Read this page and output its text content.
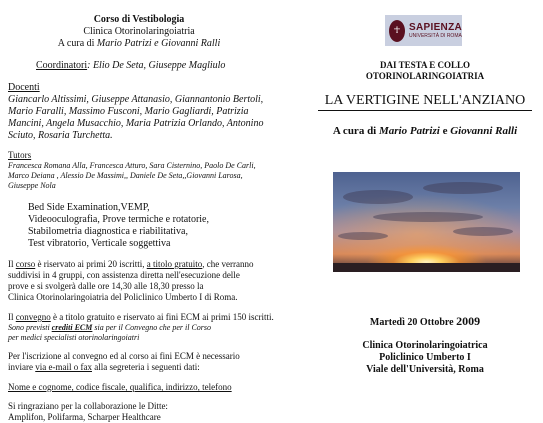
Corso di Vestibologia
Clinica Otorinolaringoiatria
A cura di Mario Patrizi e Giovanni Ralli
Coordinatori: Elio De Seta, Giuseppe Magliulo
Docenti
Giancarlo Altissimi, Giuseppe Attanasio, Giannantonio Bertoli,
Mario Faralli, Massimo Fusconi, Mario Gagliardi, Patrizia
Mancini, Angela Musacchio, Maria Patrizia Orlando, Antonino
Sciuto, Rosaria Turchetta.
Tutors
Francesca Romana Alla, Francesca Atturo, Sara Cisternino, Paolo De Carli,
Marco Deiana , Alessio De Massimi,, Daniele De Seta,,Giovanni Larosa,
Giuseppe Nola
Bed Side Examination,VEMP,
Videooculografia, Prove termiche e rotatorie,
Stabilometria diagnostica e riabilitativa,
Test vibratorio, Verticale soggettiva
Il corso è riservato ai primi 20 iscritti, a titolo gratuito, che verranno
suddivisi in 4 gruppi, con assistenza diretta nell'esecuzione delle
prove e si svolgerà dalle ore 14,30 alle 18,30 presso la
Clinica Otorinolaringoiatria del Policlinico Umberto I di Roma.
Il convegno è a titolo gratuito e riservato ai fini ECM ai primi 150 iscritti.
Sono previsti crediti ECM sia per il Convegno che per il Corso
per medici specialisti otorinolaringoiatri
Per l'iscrizione al convegno ed al corso ai fini ECM è necessario
inviare via e-mail o fax alla segreteria i seguenti dati:
Nome e cognome, codice fiscale, qualifica, indirizzo, telefono
Si ringraziano per la collaborazione le Ditte:
Amplifon, Polifarma, Scharper Healthcare
☥ SAPIENZA
UNIVERSITÀ DI ROMA
DAI TESTA E COLLO
OTORINOLARINGOIATRIA
LA VERTIGINE NELL'ANZIANO
A cura di Mario Patrizi e Giovanni Ralli
Martedì 20 Ottobre 2009
Clinica Otorinolaringoiatrica
Policlinico Umberto I
Viale dell'Università, Roma
